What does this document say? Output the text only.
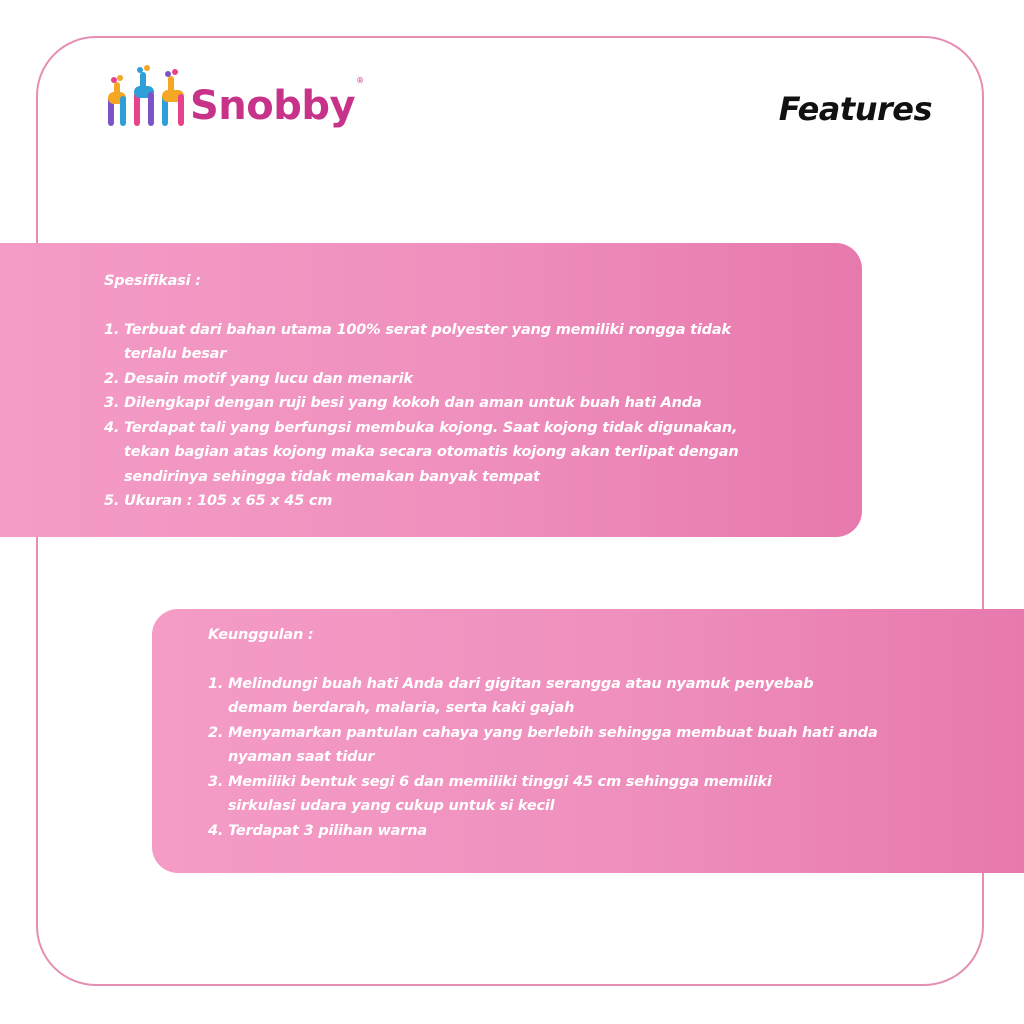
Snobby
®
Features
Spesifikasi :
1. Terbuat dari bahan utama 100% serat polyester yang memiliki rongga tidak
terlalu besar
2. Desain motif yang lucu dan menarik
3. Dilengkapi dengan ruji besi yang kokoh dan aman untuk buah hati Anda
4. Terdapat tali yang berfungsi membuka kojong. Saat kojong tidak digunakan,
tekan bagian atas kojong maka secara otomatis kojong akan terlipat dengan
sendirinya sehingga tidak memakan banyak tempat
5. Ukuran : 105 x 65 x 45 cm
Keunggulan :
1. Melindungi buah hati Anda dari gigitan serangga atau nyamuk penyebab
demam berdarah, malaria, serta kaki gajah
2. Menyamarkan pantulan cahaya yang berlebih sehingga membuat buah hati anda
nyaman saat tidur
3. Memiliki bentuk segi 6 dan memiliki tinggi 45 cm sehingga memiliki
sirkulasi udara yang cukup untuk si kecil
4. Terdapat 3 pilihan warna
